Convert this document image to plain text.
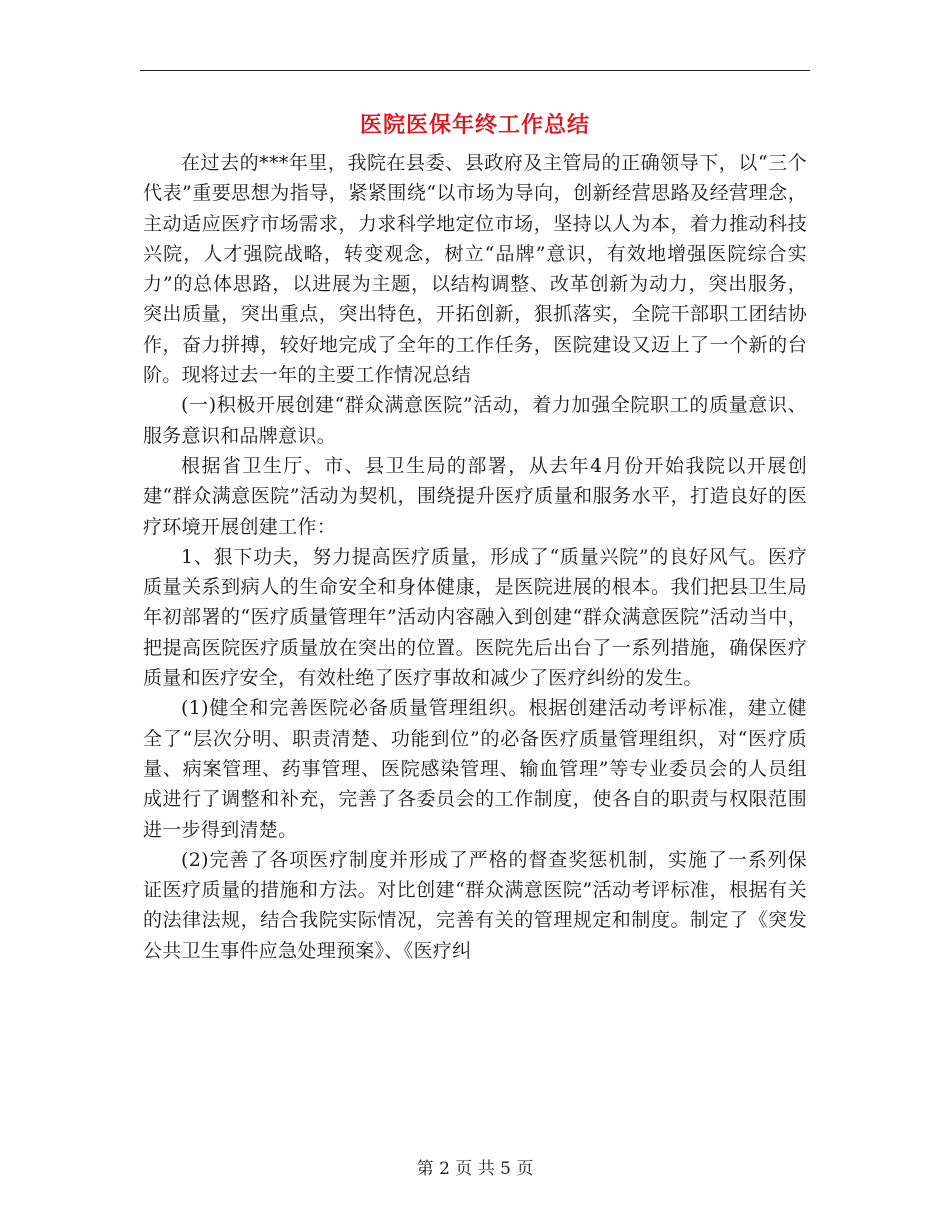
医院医保年终工作总结

在过去的***年里，我院在县委、县政府及主管局的正确领导下，以“三个代表”重要思想为指导，紧紧围绕“以市场为导向，创新经营思路及经营理念，主动适应医疗市场需求，力求科学地定位市场，坚持以人为本，着力推动科技兴院，人才强院战略，转变观念，树立“品牌”意识，有效地增强医院综合实力”的总体思路，以进展为主题，以结构调整、改革创新为动力，突出服务，突出质量，突出重点，突出特色，开拓创新，狠抓落实，全院干部职工团结协作，奋力拼搏，较好地完成了全年的工作任务，医院建设又迈上了一个新的台阶。现将过去一年的主要工作情况总结

(一)积极开展创建“群众满意医院”活动，着力加强全院职工的质量意识、服务意识和品牌意识。

根据省卫生厅、市、县卫生局的部署，从去年4月份开始我院以开展创建“群众满意医院”活动为契机，围绕提升医疗质量和服务水平，打造良好的医疗环境开展创建工作：

1、狠下功夫，努力提高医疗质量，形成了“质量兴院”的良好风气。医疗质量关系到病人的生命安全和身体健康，是医院进展的根本。我们把县卫生局年初部署的“医疗质量管理年”活动内容融入到创建“群众满意医院”活动当中，把提高医院医疗质量放在突出的位置。医院先后出台了一系列措施，确保医疗质量和医疗安全，有效杜绝了医疗事故和减少了医疗纠纷的发生。

(1)健全和完善医院必备质量管理组织。根据创建活动考评标准，建立健全了“层次分明、职责清楚、功能到位”的必备医疗质量管理组织，对“医疗质量、病案管理、药事管理、医院感染管理、输血管理”等专业委员会的人员组成进行了调整和补充，完善了各委员会的工作制度，使各自的职责与权限范围进一步得到清楚。

(2)完善了各项医疗制度并形成了严格的督查奖惩机制，实施了一系列保证医疗质量的措施和方法。对比创建“群众满意医院”活动考评标准，根据有关的法律法规，结合我院实际情况，完善有关的管理规定和制度。制定了《突发公共卫生事件应急处理预案》、《医疗纠

第 2 页 共 5 页
